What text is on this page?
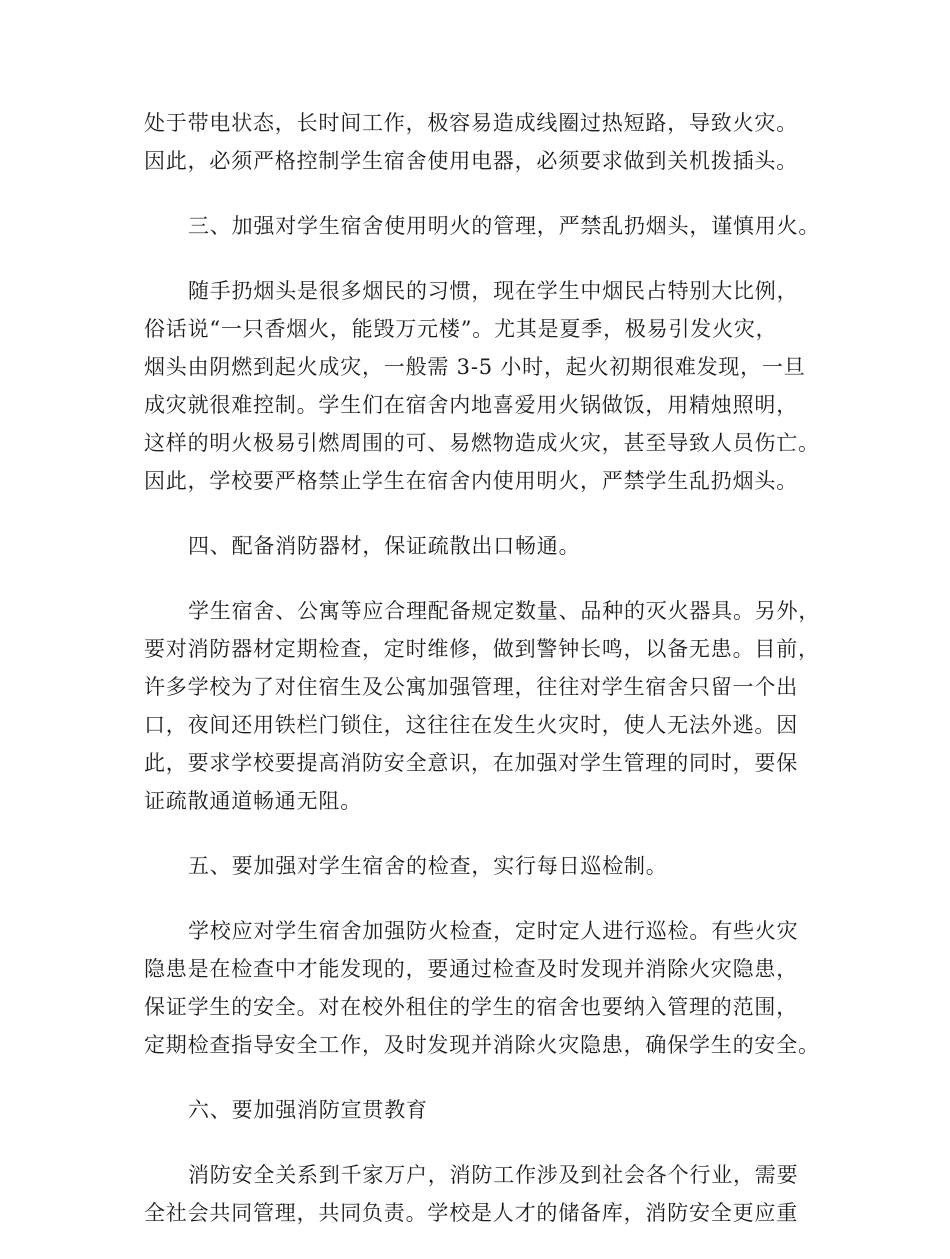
处于带电状态，长时间工作，极容易造成线圈过热短路，导致火灾。
因此，必须严格控制学生宿舍使用电器，必须要求做到关机拨插头。

三、加强对学生宿舍使用明火的管理，严禁乱扔烟头，谨慎用火。

随手扔烟头是很多烟民的习惯，现在学生中烟民占特别大比例，
俗话说“一只香烟火，能毁万元楼”。尤其是夏季，极易引发火灾，
烟头由阴燃到起火成灾，一般需 3-5 小时，起火初期很难发现，一旦
成灾就很难控制。学生们在宿舍内地喜爱用火锅做饭，用精烛照明，
这样的明火极易引燃周围的可、易燃物造成火灾，甚至导致人员伤亡。
因此，学校要严格禁止学生在宿舍内使用明火，严禁学生乱扔烟头。

四、配备消防器材，保证疏散出口畅通。

学生宿舍、公寓等应合理配备规定数量、品种的灭火器具。另外，
要对消防器材定期检查，定时维修，做到警钟长鸣，以备无患。目前，
许多学校为了对住宿生及公寓加强管理，往往对学生宿舍只留一个出
口，夜间还用铁栏门锁住，这往往在发生火灾时，使人无法外逃。因
此，要求学校要提高消防安全意识，在加强对学生管理的同时，要保
证疏散通道畅通无阻。

五、要加强对学生宿舍的检查，实行每日巡检制。

学校应对学生宿舍加强防火检查，定时定人进行巡检。有些火灾
隐患是在检查中才能发现的，要通过检查及时发现并消除火灾隐患，
保证学生的安全。对在校外租住的学生的宿舍也要纳入管理的范围，
定期检查指导安全工作，及时发现并消除火灾隐患，确保学生的安全。

六、要加强消防宣贯教育

消防安全关系到千家万户，消防工作涉及到社会各个行业，需要
全社会共同管理，共同负责。学校是人才的储备库，消防安全更应重
